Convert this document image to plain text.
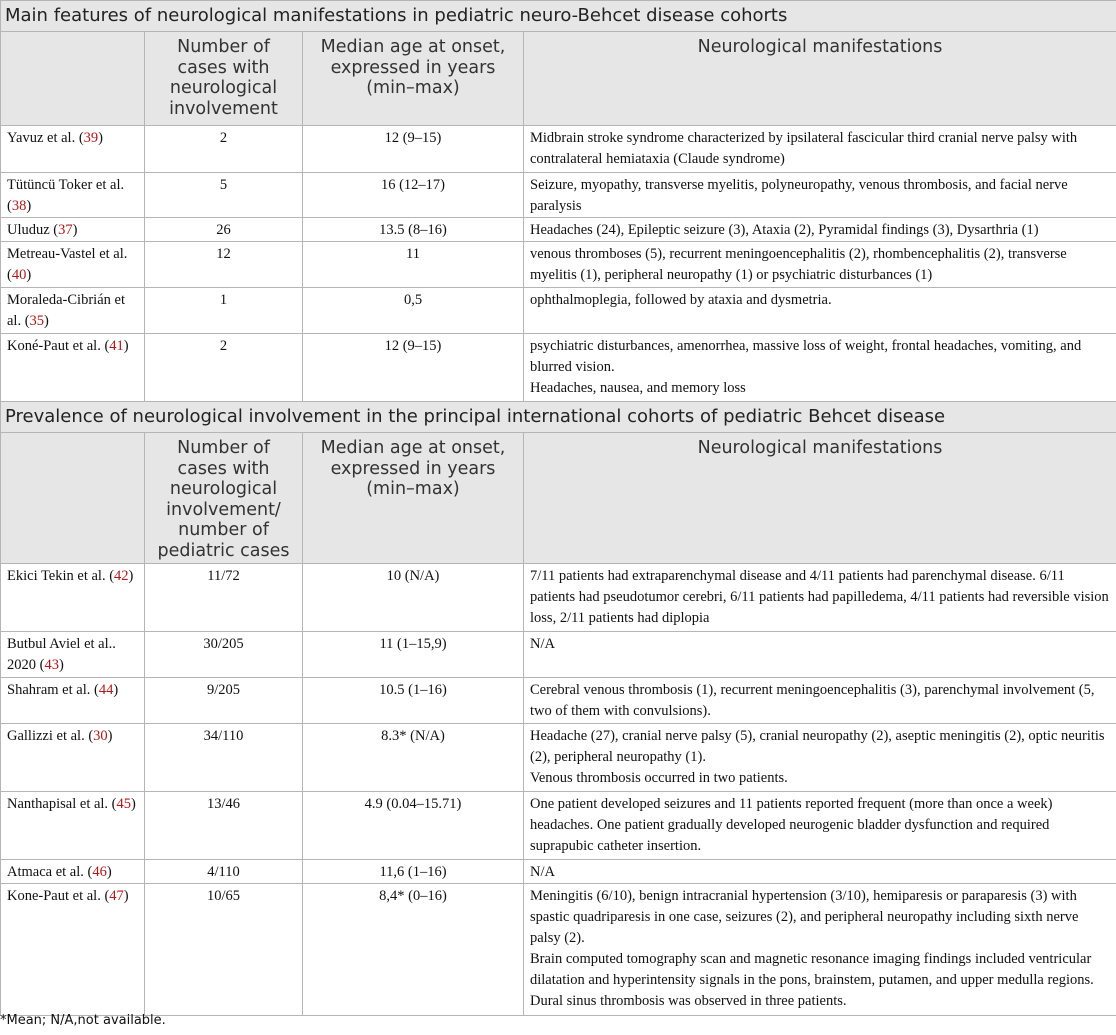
Main features of neurological manifestations in pediatric neuro-Behcet disease cohorts			
	Number of cases with neurological involvement	Median age at onset, expressed in years (min–max)	Neurological manifestations
Yavuz et al. (39)	2	12 (9–15)	Midbrain stroke syndrome characterized by ipsilateral fascicular third cranial nerve palsy with contralateral hemiataxia (Claude syndrome)

Tütüncü Toker et al. (38)	5	16 (12–17)	Seizure, myopathy, transverse myelitis, polyneuropathy, venous thrombosis, and facial nerve paralysis

Uluduz (37)	26	13.5 (8–16)	Headaches (24), Epileptic seizure (3), Ataxia (2), Pyramidal findings (3), Dysarthria (1)

Metreau-Vastel et al. (40)	12	11	venous thromboses (5), recurrent meningoencephalitis (2), rhombencephalitis (2), transverse myelitis (1), peripheral neuropathy (1) or psychiatric disturbances (1)

Moraleda-Cibrián et al. (35)	1	0,5	ophthalmoplegia, followed by ataxia and dysmetria.

Koné-Paut et al. (41)	2	12 (9–15)	psychiatric disturbances, amenorrhea, massive loss of weight, frontal headaches, vomiting, and blurred vision.
Headaches, nausea, and memory loss

Prevalence of neurological involvement in the principal international cohorts of pediatric Behcet disease			
	Number of cases with neurological involvement/ number of pediatric cases	Median age at onset, expressed in years (min–max)	Neurological manifestations
Ekici Tekin et al. (42)	11/72	10 (N/A)	7/11 patients had extraparenchymal disease and 4/11 patients had parenchymal disease. 6/11 patients had pseudotumor cerebri, 6/11 patients had papilledema, 4/11 patients had reversible vision loss, 2/11 patients had diplopia

Butbul Aviel et al.. 2020 (43)	30/205	11 (1–15,9)	N/A

Shahram et al. (44)	9/205	10.5 (1–16)	Cerebral venous thrombosis (1), recurrent meningoencephalitis (3), parenchymal involvement (5, two of them with convulsions).

Gallizzi et al. (30)	34/110	8.3* (N/A)	Headache (27), cranial nerve palsy (5), cranial neuropathy (2), aseptic meningitis (2), optic neuritis (2), peripheral neuropathy (1).
Venous thrombosis occurred in two patients.

Nanthapisal et al. (45)	13/46	4.9 (0.04–15.71)	One patient developed seizures and 11 patients reported frequent (more than once a week) headaches. One patient gradually developed neurogenic bladder dysfunction and required suprapubic catheter insertion.

Atmaca et al. (46)	4/110	11,6 (1–16)	N/A

Kone-Paut et al. (47)	10/65	8,4* (0–16)	Meningitis (6/10), benign intracranial hypertension (3/10), hemiparesis or paraparesis (3) with spastic quadriparesis in one case, seizures (2), and peripheral neuropathy including sixth nerve palsy (2).
Brain computed tomography scan and magnetic resonance imaging findings included ventricular dilatation and hyperintensity signals in the pons, brainstem, putamen, and upper medulla regions. Dural sinus thrombosis was observed in three patients.

*Mean; N/A,not available.
